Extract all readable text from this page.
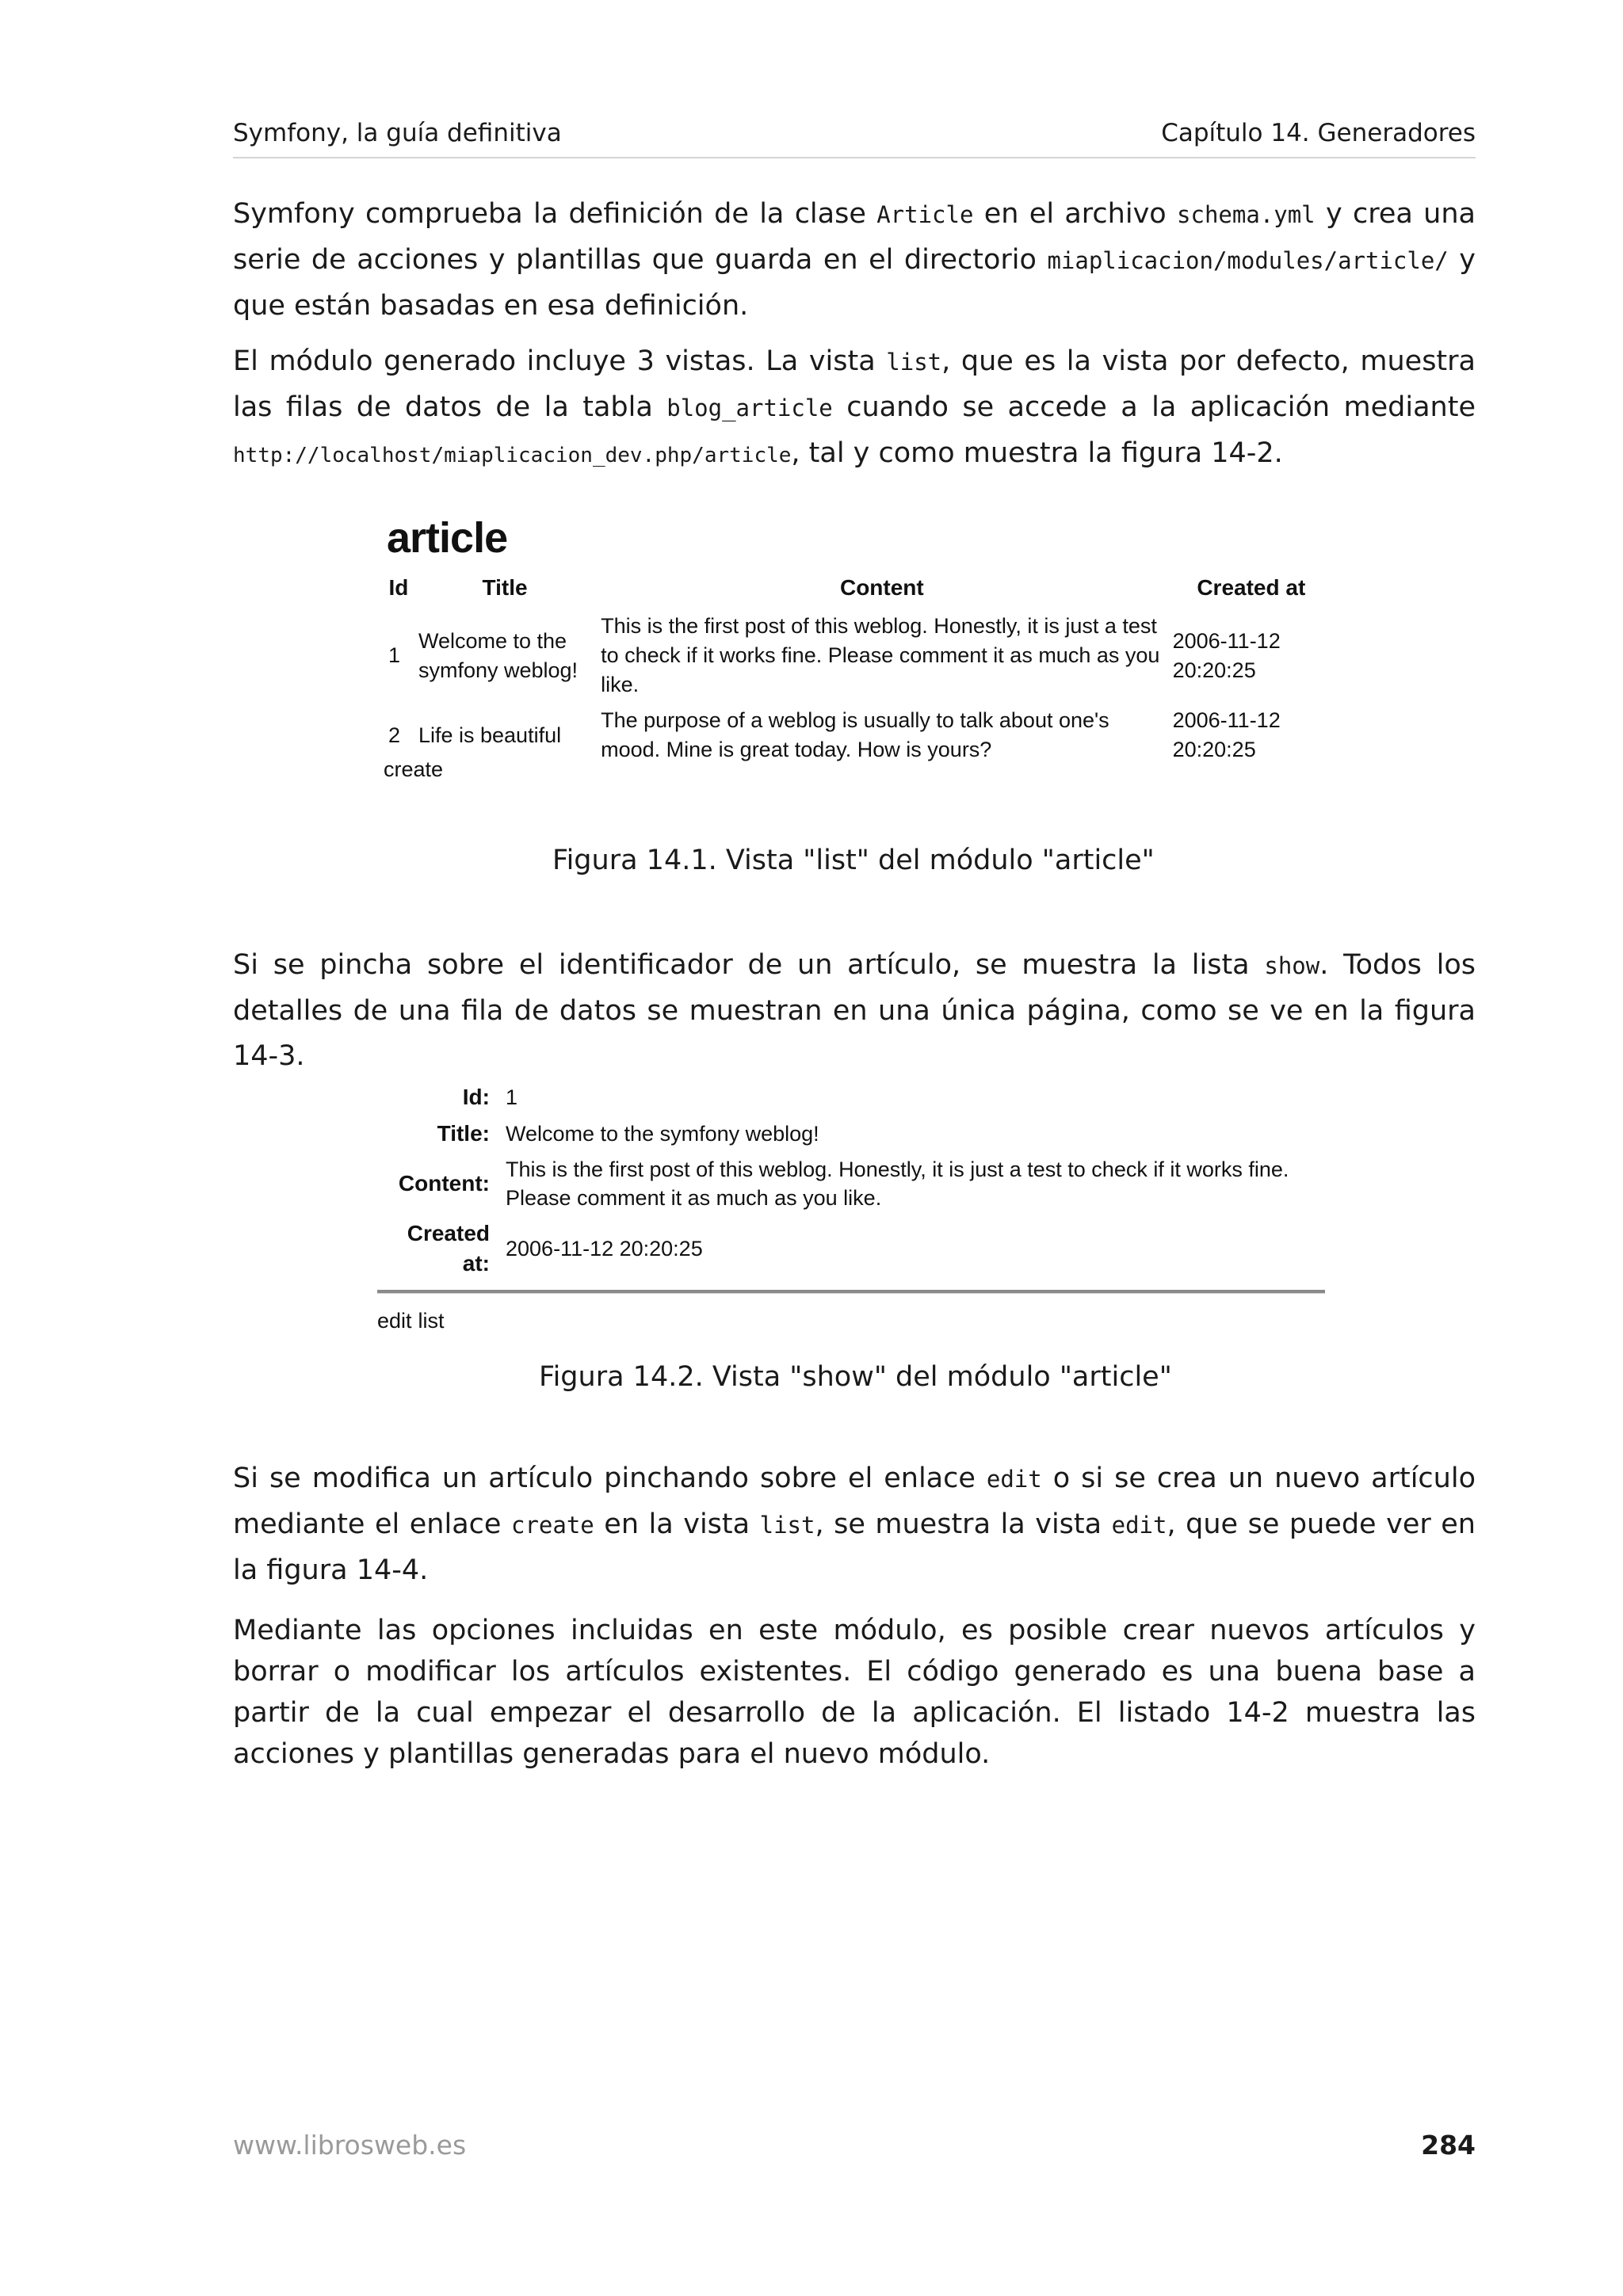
Symfony, la guía definitiva	Capítulo 14. Generadores

Symfony comprueba la definición de la clase Article en el archivo schema.yml y crea una serie de acciones y plantillas que guarda en el directorio miaplicacion/modules/article/ y que están basadas en esa definición.

El módulo generado incluye 3 vistas. La vista list, que es la vista por defecto, muestra las filas de datos de la tabla blog_article cuando se accede a la aplicación mediante http://localhost/miaplicacion_dev.php/article, tal y como muestra la figura 14-2.

article
Id	Title	Content	Created at
1	Welcome to the symfony weblog!	This is the first post of this weblog. Honestly, it is just a test to check if it works fine. Please comment it as much as you like.	2006-11-12 20:20:25
2	Life is beautiful	The purpose of a weblog is usually to talk about one's mood. Mine is great today. How is yours?	2006-11-12 20:20:25
create

Figura 14.1. Vista "list" del módulo "article"

Si se pincha sobre el identificador de un artículo, se muestra la lista show. Todos los detalles de una fila de datos se muestran en una única página, como se ve en la figura 14-3.

Id:	1
Title:	Welcome to the symfony weblog!
Content:	This is the first post of this weblog. Honestly, it is just a test to check if it works fine. Please comment it as much as you like.
Created at:	2006-11-12 20:20:25
edit list

Figura 14.2. Vista "show" del módulo "article"

Si se modifica un artículo pinchando sobre el enlace edit o si se crea un nuevo artículo mediante el enlace create en la vista list, se muestra la vista edit, que se puede ver en la figura 14-4.

Mediante las opciones incluidas en este módulo, es posible crear nuevos artículos y borrar o modificar los artículos existentes. El código generado es una buena base a partir de la cual empezar el desarrollo de la aplicación. El listado 14-2 muestra las acciones y plantillas generadas para el nuevo módulo.

www.librosweb.es	284
